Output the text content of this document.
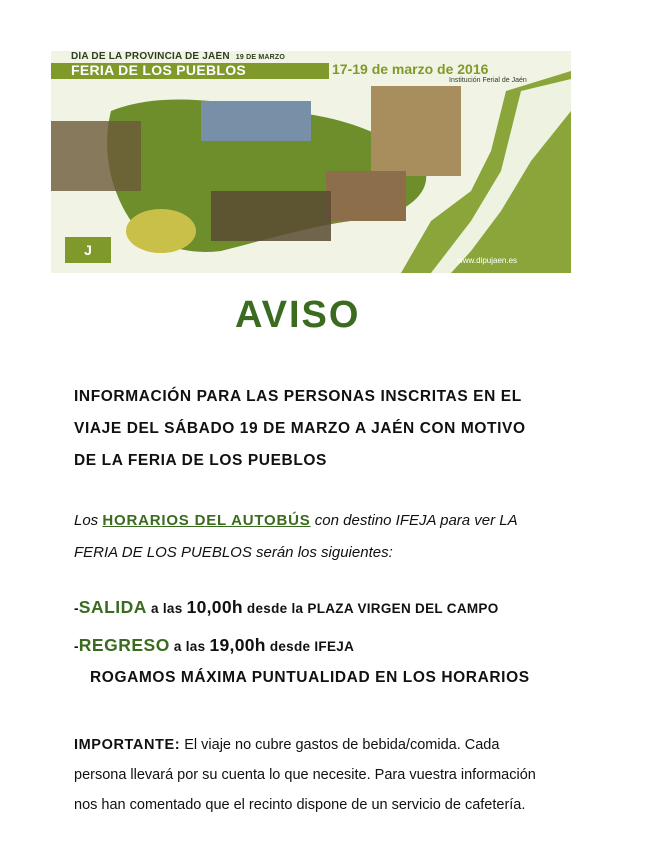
DÍA DE LA PROVINCIA DE JAÉN 19 DE MARZO
FERIA DE LOS PUEBLOS	17-19 de marzo de 2016
Institución Ferial de Jaén
J
www.dipujaen.es
AVISO
INFORMACIÓN PARA LAS PERSONAS INSCRITAS EN EL
VIAJE DEL SÁBADO 19 DE MARZO A JAÉN CON MOTIVO
DE LA FERIA DE LOS PUEBLOS
Los HORARIOS DEL AUTOBÚS con destino IFEJA para ver LA
FERIA DE LOS PUEBLOS serán los siguientes:
-SALIDA a las 10,00h desde la PLAZA VIRGEN DEL CAMPO
-REGRESO a las 19,00h desde IFEJA
ROGAMOS MÁXIMA PUNTUALIDAD EN LOS HORARIOS
IMPORTANTE: El viaje no cubre gastos de bebida/comida. Cada
persona llevará por su cuenta lo que necesite. Para vuestra información
nos han comentado que el recinto dispone de un servicio de cafetería.
